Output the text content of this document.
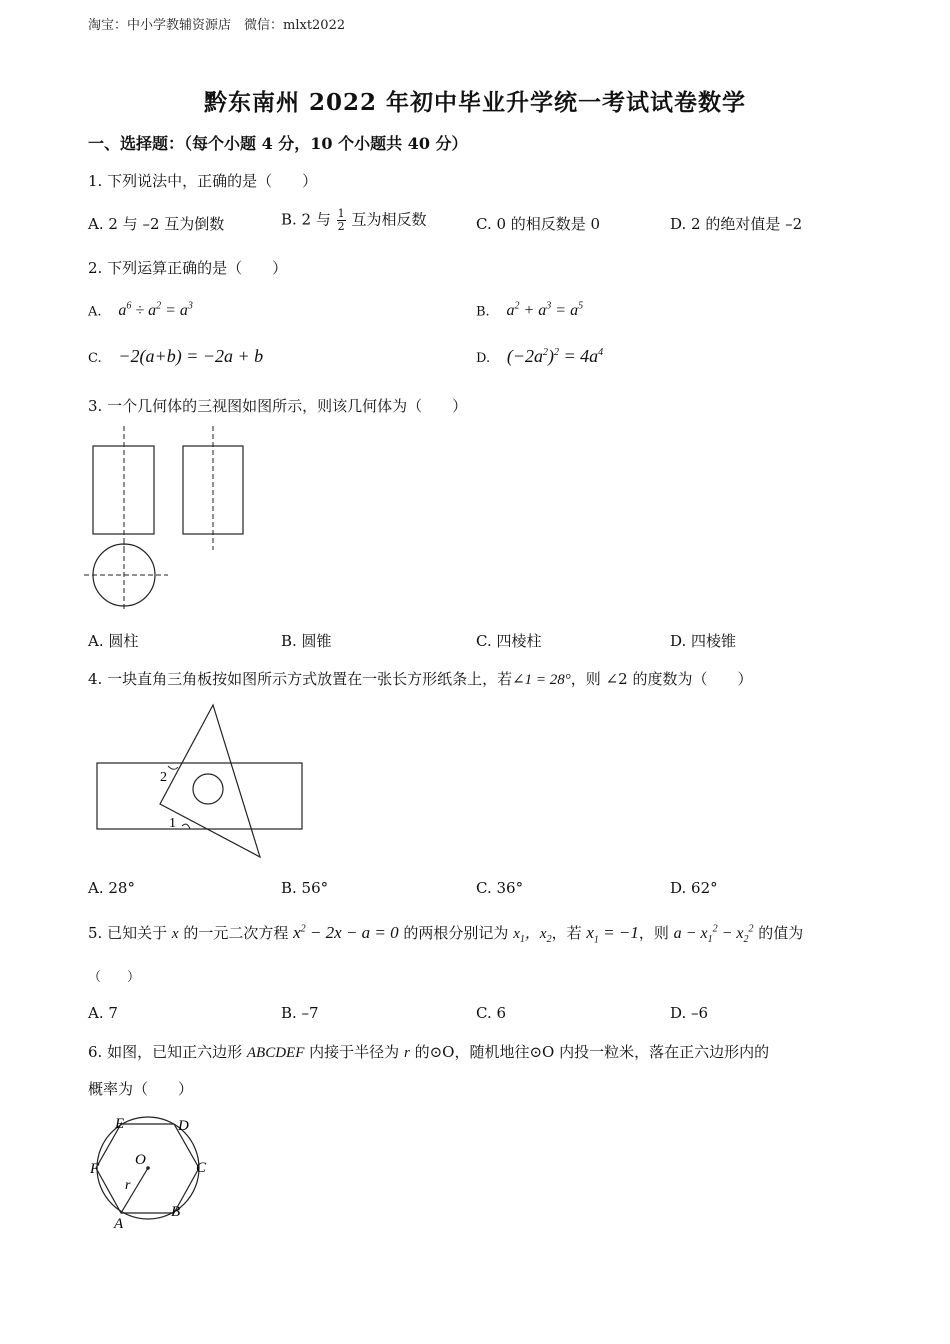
淘宝：中小学教辅资源店　微信：mlxt2022
黔东南州 2022 年初中毕业升学统一考试试卷数学
一、选择题：（每个小题 4 分，10 个小题共 40 分）
1. 下列说法中，正确的是（　　）
A. 2 与 –2 互为倒数	B. 2 与 $\frac{1}{2}$ 互为相反数	C. 0 的相反数是 0	D. 2 的绝对值是 –2
2. 下列运算正确的是（　　）
A. $a^6 \div a^2 = a^3$	B. $a^2 + a^3 = a^5$
C. −2(a+b) = −2a + b	D. $(-2a^2)^2 = 4a^4$
3. 一个几何体的三视图如图所示，则该几何体为（　　）
A. 圆柱	B. 圆锥	C. 四棱柱	D. 四棱锥
4. 一块直角三角板按如图所示方式放置在一张长方形纸条上，若∠1 = 28°，则 ∠2 的度数为（　　）
2
1
A. 28°	B. 56°	C. 36°	D. 62°
5. 已知关于 x 的一元二次方程 $x^2 - 2x - a = 0$ 的两根分别记为 $x_1$，$x_2$，若 $x_1 = -1$，则 $a - x_1^2 - x_2^2$ 的值为
（　　）
A. 7	B. –7	C. 6	D. –6
6. 如图，已知正六边形 ABCDEF 内接于半径为 r 的⊙O，随机地往⊙O 内投一粒米，落在正六边形内的
概率为（　　）
E	D
F	C
A
B
O
r
